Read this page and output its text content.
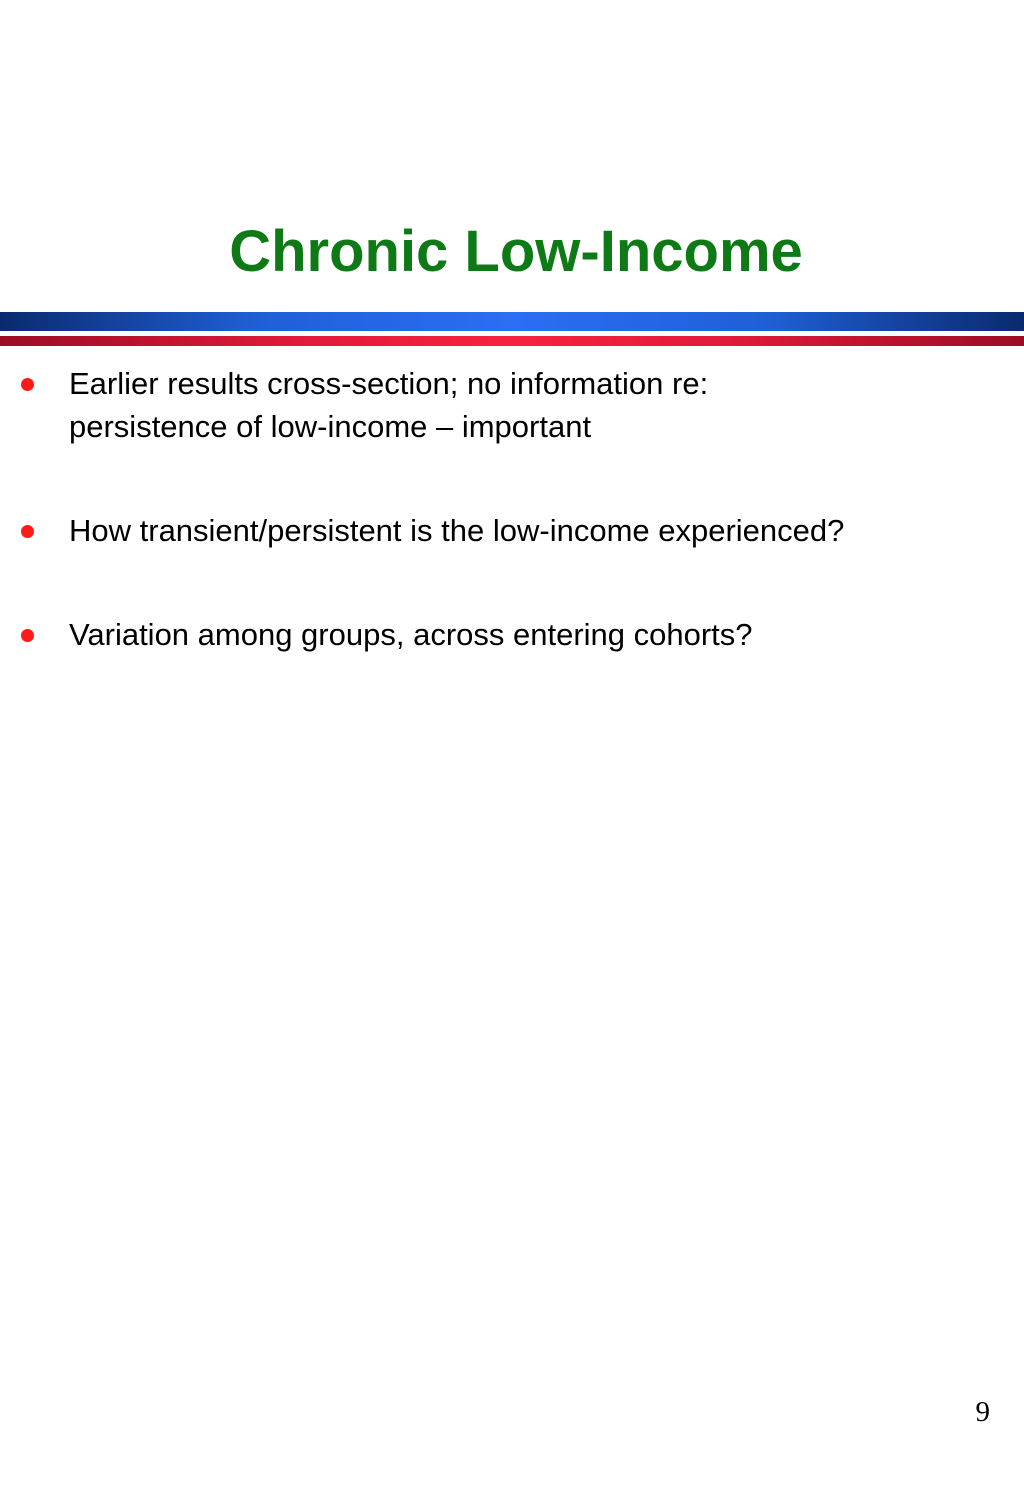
Chronic Low-Income
Earlier results cross-section; no information re:
persistence of low-income – important
How transient/persistent is the low-income experienced?
Variation among groups, across entering cohorts?
9
